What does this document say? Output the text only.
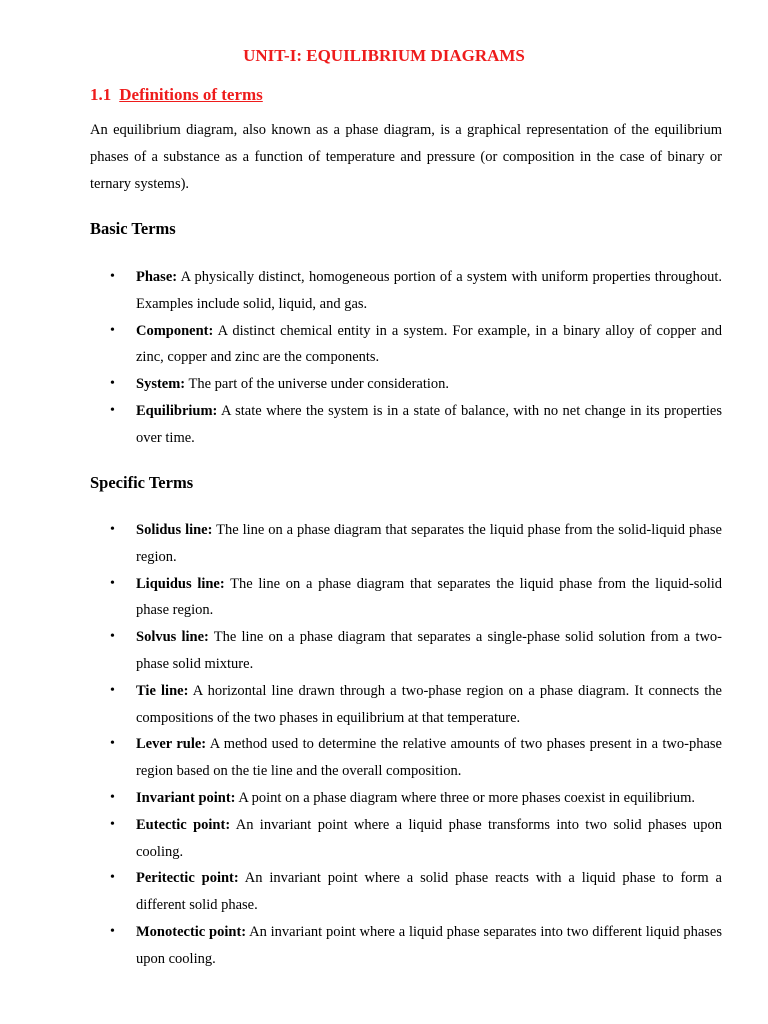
UNIT-I: EQUILIBRIUM DIAGRAMS
1.1 Definitions of terms

An equilibrium diagram, also known as a phase diagram, is a graphical representation of the equilibrium phases of a substance as a function of temperature and pressure (or composition in the case of binary or ternary systems).

Basic Terms
• Phase: A physically distinct, homogeneous portion of a system with uniform properties throughout. Examples include solid, liquid, and gas.
• Component: A distinct chemical entity in a system. For example, in a binary alloy of copper and zinc, copper and zinc are the components.
• System: The part of the universe under consideration.
• Equilibrium: A state where the system is in a state of balance, with no net change in its properties over time.
Specific Terms
• Solidus line: The line on a phase diagram that separates the liquid phase from the solid-liquid phase region.
• Liquidus line: The line on a phase diagram that separates the liquid phase from the liquid-solid phase region.
• Solvus line: The line on a phase diagram that separates a single-phase solid solution from a two-phase solid mixture.
• Tie line: A horizontal line drawn through a two-phase region on a phase diagram. It connects the compositions of the two phases in equilibrium at that temperature.
• Lever rule: A method used to determine the relative amounts of two phases present in a two-phase region based on the tie line and the overall composition.
• Invariant point: A point on a phase diagram where three or more phases coexist in equilibrium.
• Eutectic point: An invariant point where a liquid phase transforms into two solid phases upon cooling.
• Peritectic point: An invariant point where a solid phase reacts with a liquid phase to form a different solid phase.
• Monotectic point: An invariant point where a liquid phase separates into two different liquid phases upon cooling.
